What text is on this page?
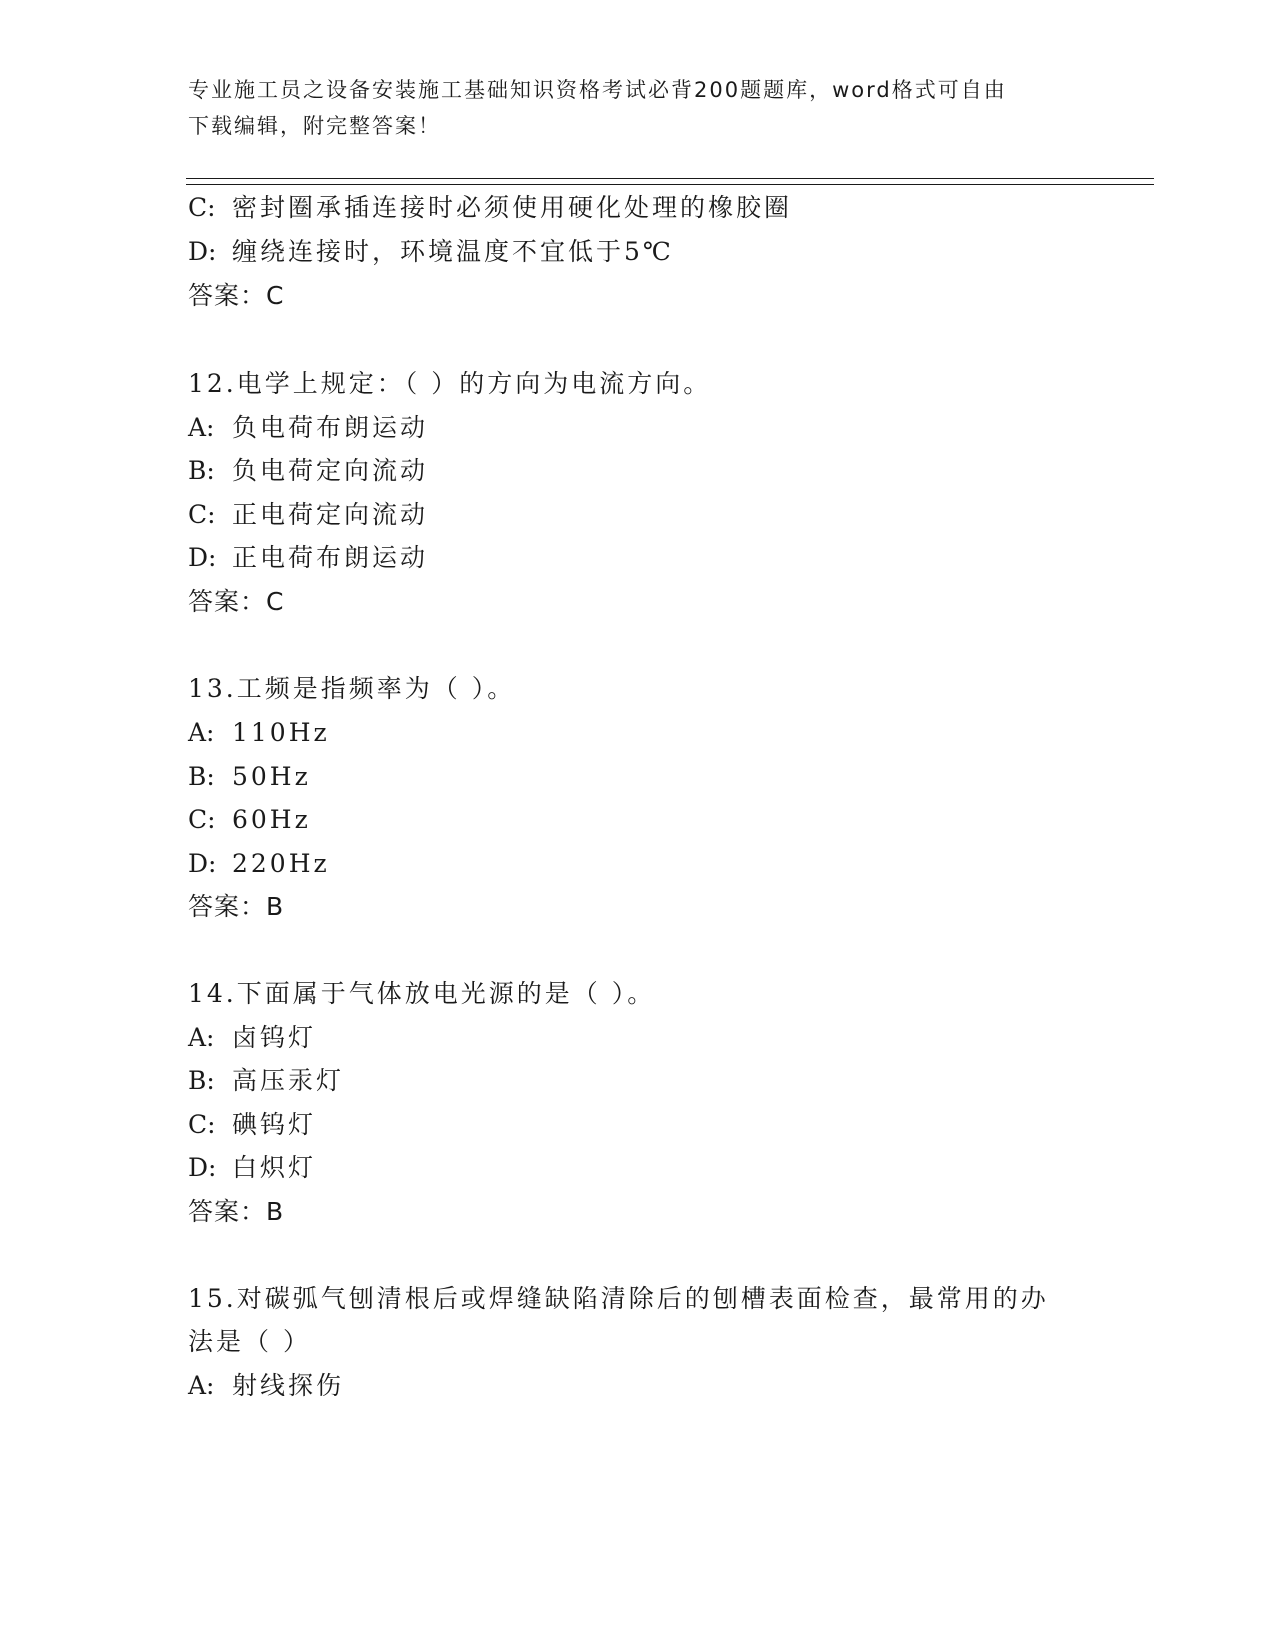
专业施工员之设备安装施工基础知识资格考试必背200题题库，word格式可自由
下载编辑，附完整答案！
C: 密封圈承插连接时必须使用硬化处理的橡胶圈
D: 缠绕连接时，环境温度不宜低于5℃
答案：C
12.电学上规定：（ ）的方向为电流方向。
A: 负电荷布朗运动
B: 负电荷定向流动
C: 正电荷定向流动
D: 正电荷布朗运动
答案：C
13.工频是指频率为（ ）。
A: 110Hz
B: 50Hz
C: 60Hz
D: 220Hz
答案：B
14.下面属于气体放电光源的是（ ）。
A: 卤钨灯
B: 高压汞灯
C: 碘钨灯
D: 白炽灯
答案：B
15.对碳弧气刨清根后或焊缝缺陷清除后的刨槽表面检查，最常用的办
法是（ ）
A: 射线探伤
